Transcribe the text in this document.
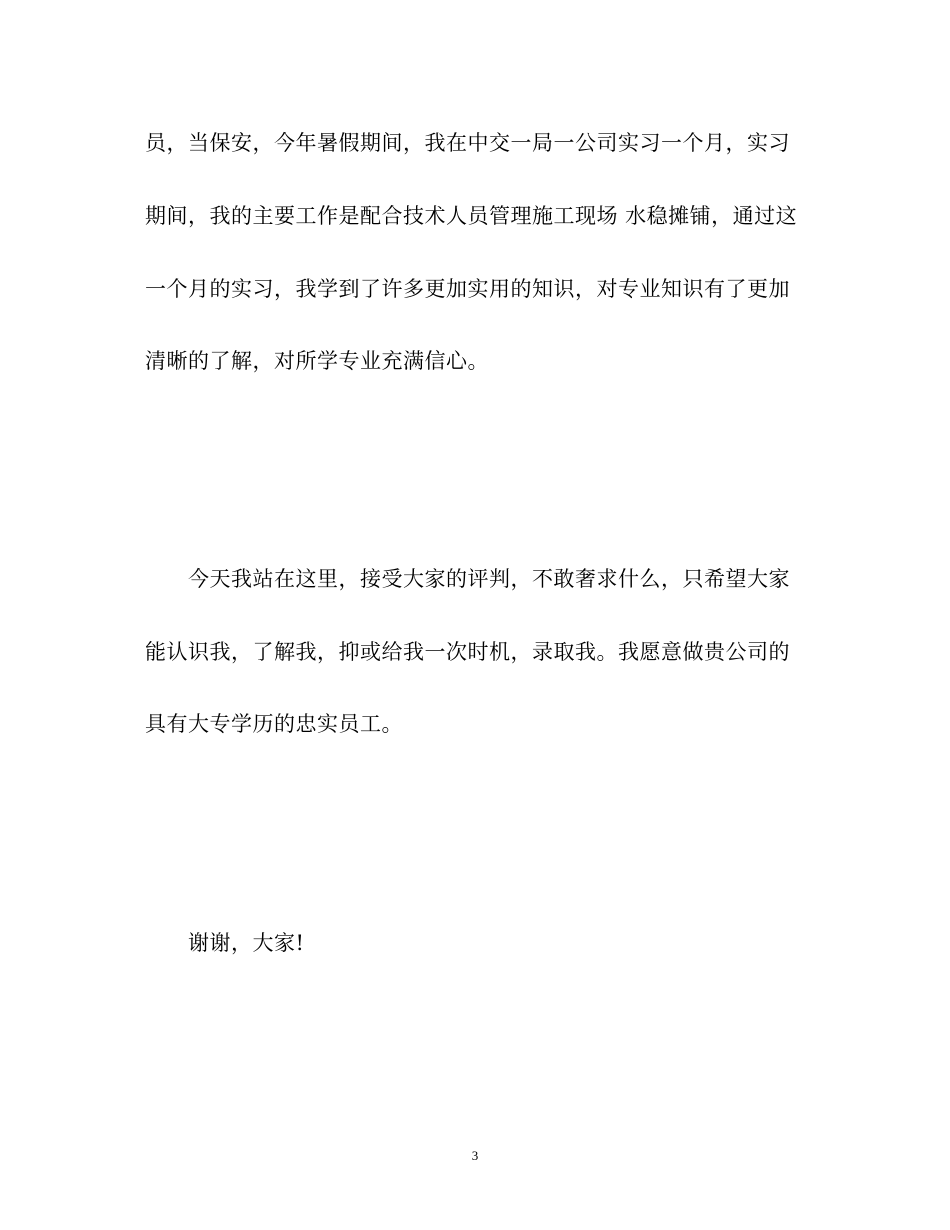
员，当保安，今年暑假期间，我在中交一局一公司实习一个月，实习
期间，我的主要工作是配合技术人员管理施工现场 水稳摊铺，通过这
一个月的实习，我学到了许多更加实用的知识，对专业知识有了更加
清晰的了解，对所学专业充满信心。
今天我站在这里，接受大家的评判，不敢奢求什么，只希望大家
能认识我，了解我，抑或给我一次时机，录取我。我愿意做贵公司的
具有大专学历的忠实员工。
谢谢，大家!
3
